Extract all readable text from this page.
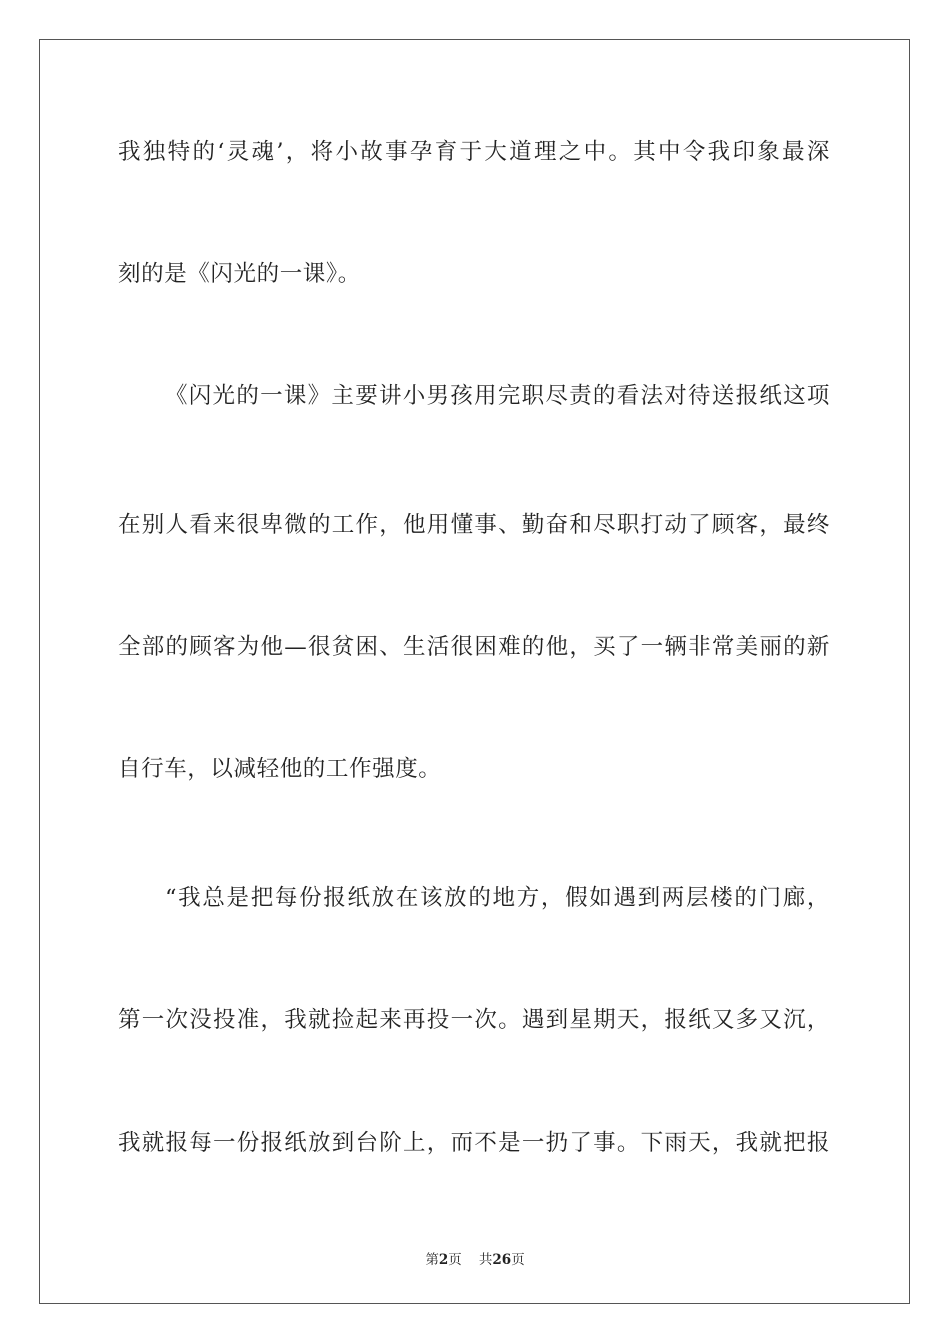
我独特的‘灵魂’，将小故事孕育于大道理之中。其中令我印象最深
刻的是《闪光的一课》。
《闪光的一课》主要讲小男孩用完职尽责的看法对待送报纸这项
在别人看来很卑微的工作，他用懂事、勤奋和尽职打动了顾客，最终
全部的顾客为他—很贫困、生活很困难的他，买了一辆非常美丽的新
自行车，以减轻他的工作强度。
“我总是把每份报纸放在该放的地方，假如遇到两层楼的门廊，
第一次没投准，我就捡起来再投一次。遇到星期天，报纸又多又沉，
我就报每一份报纸放到台阶上，而不是一扔了事。下雨天，我就把报
第2页 共26页
